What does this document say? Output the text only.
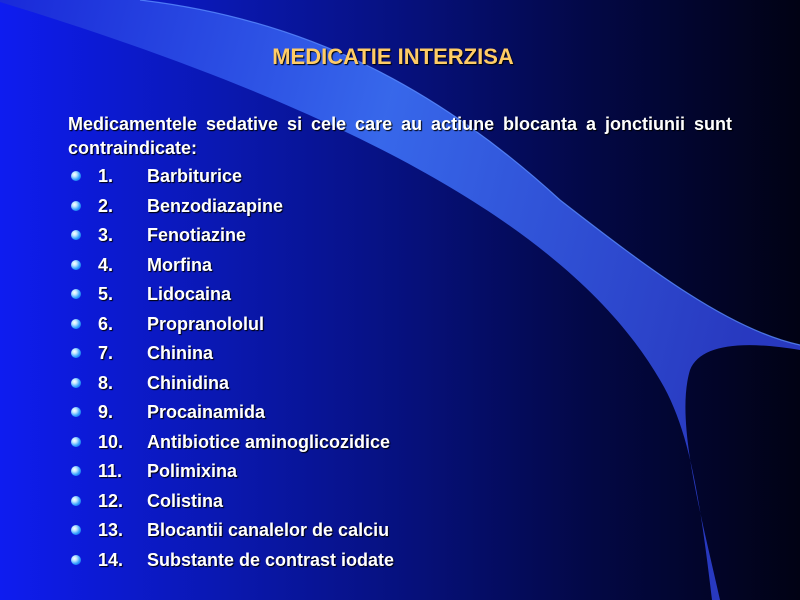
MEDICATIE INTERZISA
Medicamentele sedative si cele care au actiune blocanta a jonctiunii sunt contraindicate:
1. Barbiturice
2. Benzodiazapine
3. Fenotiazine
4. Morfina
5. Lidocaina
6. Propranololul
7. Chinina
8. Chinidina
9. Procainamida
10. Antibiotice aminoglicozidice
11. Polimixina
12. Colistina
13. Blocantii canalelor de calciu
14. Substante de contrast iodate
